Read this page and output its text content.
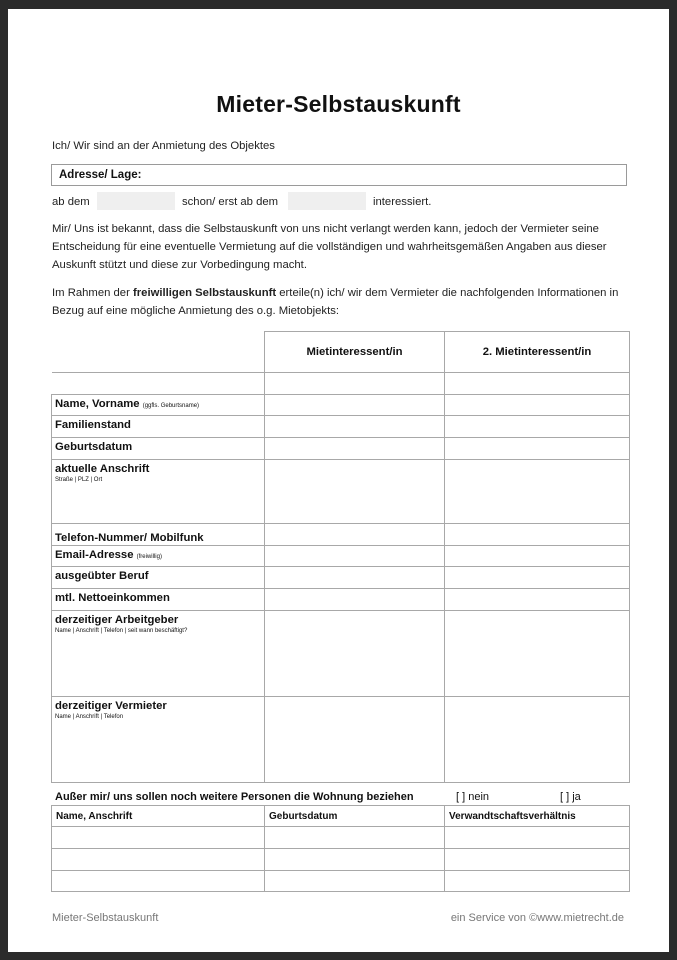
Mieter-Selbstauskunft
Ich/ Wir sind an der Anmietung des Objektes
Adresse/ Lage:
ab dem	schon/ erst ab dem	interessiert.
Mir/ Uns ist bekannt, dass die Selbstauskunft von uns nicht verlangt werden kann, jedoch der Vermieter seine
Entscheidung für eine eventuelle Vermietung auf die vollständigen und wahrheitsgemäßen Angaben aus dieser
Auskunft stützt und diese zur Vorbedingung macht.
Im Rahmen der freiwilligen Selbstauskunft erteile(n) ich/ wir dem Vermieter die nachfolgenden Informationen in
Bezug auf eine mögliche Anmietung des o.g. Mietobjekts:
	Mietinteressent/in	2. Mietinteressent/in

Name, Vorname (ggfls. Geburtsname)		
Familienstand		
Geburtsdatum		
aktuelle Anschrift
Straße | PLZ | Ort		

Telefon-Nummer/ Mobilfunk		
Email-Adresse (freiwillig)		
ausgeübter Beruf		
mtl. Nettoeinkommen		
derzeitiger Arbeitgeber
Name | Anschrift | Telefon | seit wann beschäftigt?		

derzeitiger Vermieter
Name | Anschrift | Telefon		

Außer mir/ uns sollen noch weitere Personen die Wohnung beziehen	[ ] nein	[ ] ja
Name, Anschrift	Geburtsdatum	Verwandtschaftsverhältnis

Mieter-Selbstauskunft	ein Service von ©www.mietrecht.de
